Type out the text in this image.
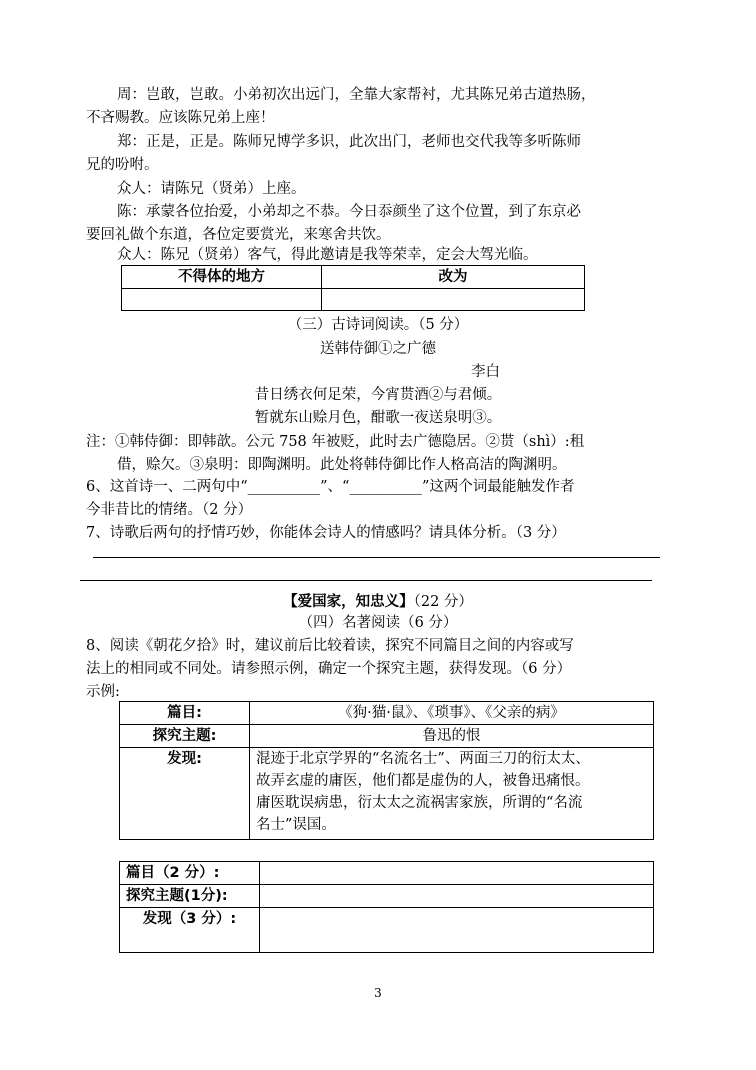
周：岂敢，岂敢。小弟初次出远门，全靠大家帮衬，尤其陈兄弟古道热肠，
不吝赐教。应该陈兄弟上座！
郑：正是，正是。陈师兄博学多识，此次出门，老师也交代我等多听陈师
兄的吩咐。
众人：请陈兄（贤弟）上座。
陈：承蒙各位抬爱，小弟却之不恭。今日忝颜坐了这个位置，到了东京必
要回礼做个东道，各位定要赏光，来寒舍共饮。
众人：陈兄（贤弟）客气，得此邀请是我等荣幸，定会大驾光临。
不得体的地方	改为

（三）古诗词阅读。（5 分）
送韩侍御①之广德
李白
昔日绣衣何足荣，今宵贳酒②与君倾。
暂就东山赊月色，酣歌一夜送泉明③。
注：①韩侍御：即韩歆。公元 758 年被贬，此时去广德隐居。②贳（shì）:租
借，赊欠。③泉明：即陶渊明。此处将韩侍御比作人格高洁的陶渊明。
6、这首诗一、二两句中“__________”、“__________”这两个词最能触发作者
今非昔比的情绪。（2 分）
7、诗歌后两句的抒情巧妙，你能体会诗人的情感吗？请具体分析。（3 分）
【爱国家，知忠义】（22 分）
（四）名著阅读（6 分）
8、阅读《朝花夕拾》时，建议前后比较着读，探究不同篇目之间的内容或写
法上的相同或不同处。请参照示例，确定一个探究主题，获得发现。（6 分）
示例:
篇目:	《狗·猫·鼠》、《琐事》、《父亲的病》
探究主题:	鲁迅的恨
发现:	混迹于北京学界的“名流名士”、两面三刀的衍太太、
故弄玄虚的庸医，他们都是虚伪的人，被鲁迅痛恨。
庸医耽误病患，衍太太之流祸害家族，所谓的“名流
名士”误国。
篇目（2 分）:	
探究主题(1分):	
发现（3 分）:	
3
